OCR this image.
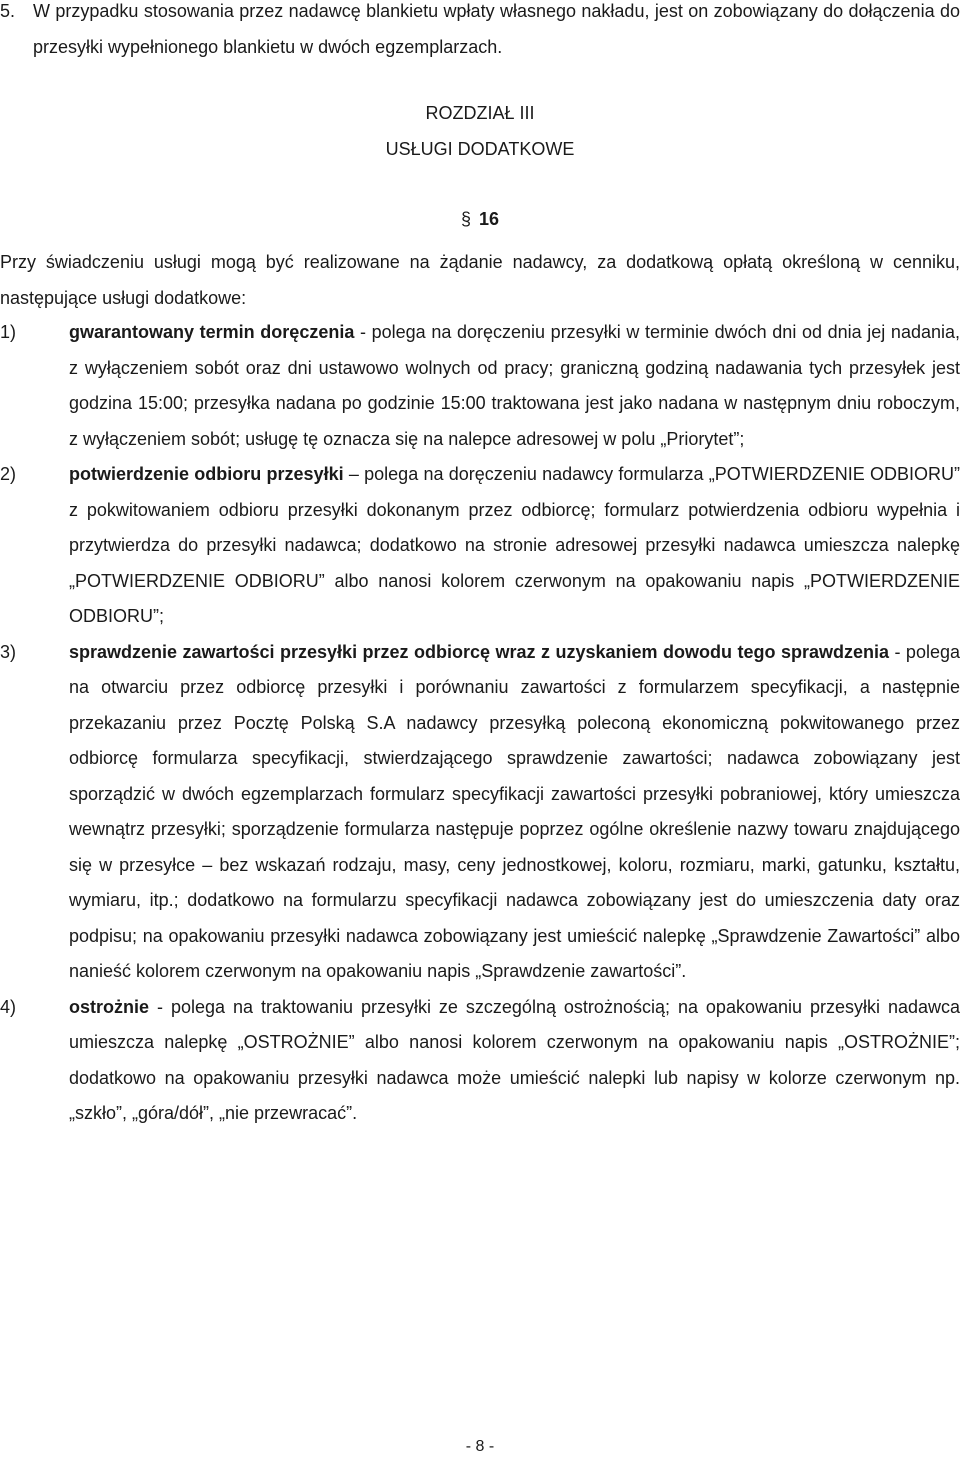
5. W przypadku stosowania przez nadawcę blankietu wpłaty własnego nakładu, jest on zobowiązany do dołączenia do przesyłki wypełnionego blankietu w dwóch egzemplarzach.

ROZDZIAŁ III

USŁUGI DODATKOWE

§ 16

Przy świadczeniu usługi mogą być realizowane na żądanie nadawcy, za dodatkową opłatą określoną w cenniku, następujące usługi dodatkowe:

1)	gwarantowany termin doręczenia - polega na doręczeniu przesyłki w terminie dwóch dni od dnia jej nadania, z wyłączeniem sobót oraz dni ustawowo wolnych od pracy; graniczną godziną nadawania tych przesyłek jest godzina 15:00; przesyłka nadana po godzinie 15:00 traktowana jest jako nadana w następnym dniu roboczym, z wyłączeniem sobót; usługę tę oznacza się na nalepce adresowej w polu „Priorytet”;
2)	potwierdzenie odbioru przesyłki – polega na doręczeniu nadawcy formularza „POTWIERDZENIE ODBIORU” z pokwitowaniem odbioru przesyłki dokonanym przez odbiorcę; formularz potwierdzenia odbioru wypełnia i przytwierdza do przesyłki nadawca; dodatkowo na stronie adresowej przesyłki nadawca umieszcza nalepkę „POTWIERDZENIE ODBIORU” albo nanosi kolorem czerwonym na opakowaniu napis „POTWIERDZENIE ODBIORU”;
3)	sprawdzenie zawartości przesyłki przez odbiorcę wraz z uzyskaniem dowodu tego sprawdzenia - polega na otwarciu przez odbiorcę przesyłki i porównaniu zawartości z formularzem specyfikacji, a następnie przekazaniu przez Pocztę Polską S.A nadawcy przesyłką poleconą ekonomiczną pokwitowanego przez odbiorcę formularza specyfikacji, stwierdzającego sprawdzenie zawartości; nadawca zobowiązany jest sporządzić w dwóch egzemplarzach formularz specyfikacji zawartości przesyłki pobraniowej, który umieszcza wewnątrz przesyłki; sporządzenie formularza następuje poprzez ogólne określenie nazwy towaru znajdującego się w przesyłce – bez wskazań rodzaju, masy, ceny jednostkowej, koloru, rozmiaru, marki, gatunku, kształtu, wymiaru, itp.; dodatkowo na formularzu specyfikacji nadawca zobowiązany jest do umieszczenia daty oraz podpisu; na opakowaniu przesyłki nadawca zobowiązany jest umieścić nalepkę „Sprawdzenie Zawartości” albo nanieść kolorem czerwonym na opakowaniu napis „Sprawdzenie zawartości”.
4)	ostrożnie - polega na traktowaniu przesyłki ze szczególną ostrożnością; na opakowaniu przesyłki nadawca umieszcza nalepkę „OSTROŻNIE” albo nanosi kolorem czerwonym na opakowaniu napis „OSTROŻNIE”; dodatkowo na opakowaniu przesyłki nadawca może umieścić nalepki lub napisy w kolorze czerwonym np. „szkło”, „góra/dół”, „nie przewracać”.
- 8 -
